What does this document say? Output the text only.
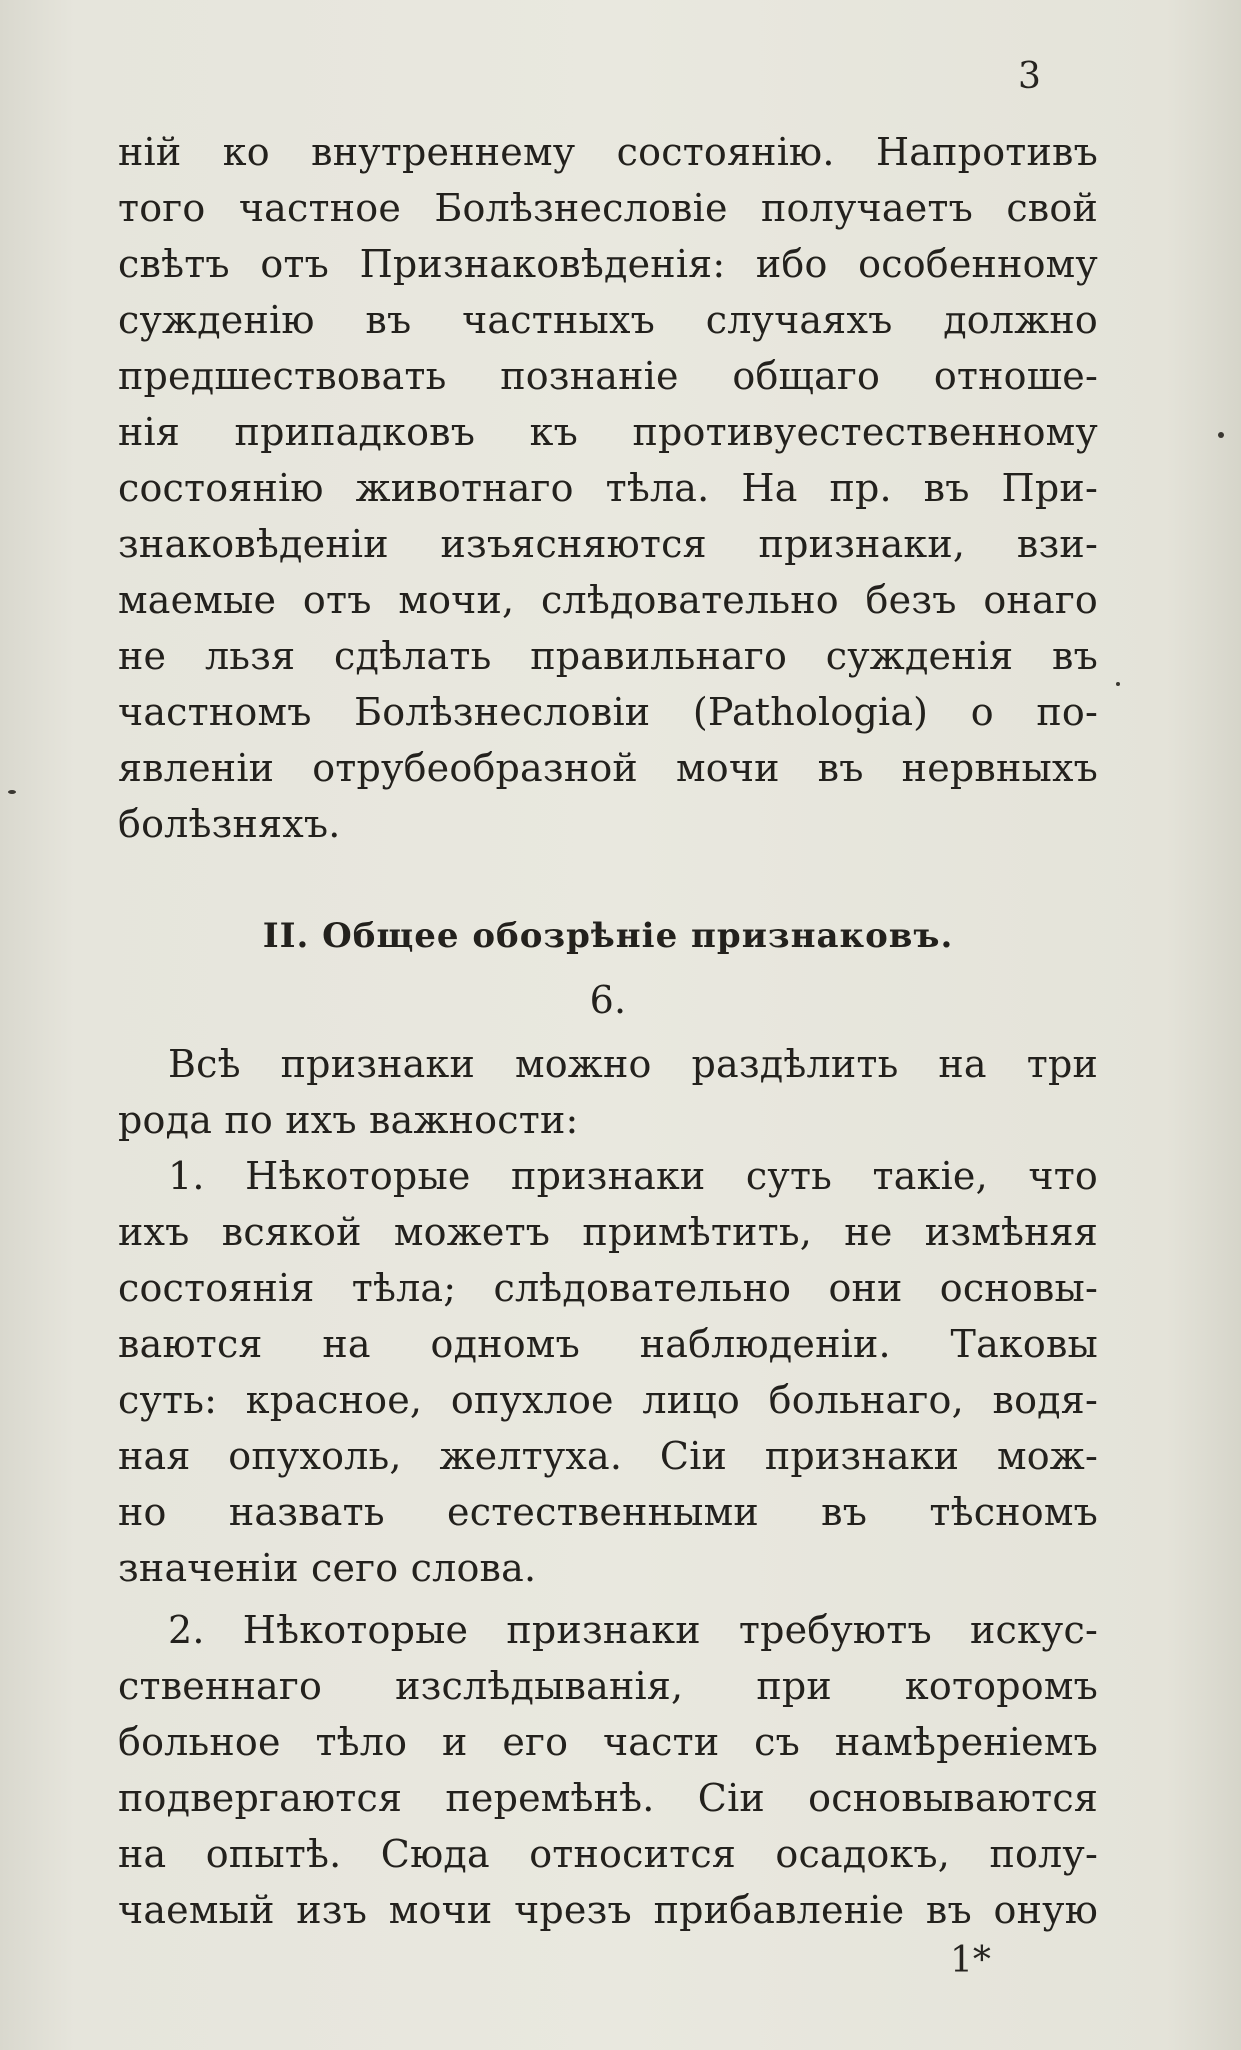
3
нiй ко внутреннему состоянiю. Напротивъ
того частное Болѣзнесловiе получаетъ свой
свѣтъ отъ Признаковѣденiя: ибо особенному
сужденiю въ частныхъ случаяхъ должно
предшествовать познанiе общаго отноше-
нiя припадковъ къ противуестественному
состоянiю животнаго тѣла. На пр. въ При-
знаковѣденiи изъясняются признаки, взи-
маемые отъ мочи, слѣдовательно безъ онаго
не льзя сдѣлать правильнаго сужденiя въ
частномъ Болѣзнесловiи (Pathologia) о по-
явленiи отрубеобразной мочи въ нервныхъ
болѣзняхъ.
II. Общее обозрѣнiе признаковъ.
6.
Всѣ признаки можно раздѣлить на три
рода по ихъ важности:
1. Нѣкоторые признаки суть такiе, что
ихъ всякой можетъ примѣтить, не измѣняя
состоянiя тѣла; слѣдовательно они основы-
ваются на одномъ наблюденiи. Таковы
суть: красное, опухлое лицо больнаго, водя-
ная опухоль, желтуха. Сiи признаки мож-
но назвать естественными въ тѣсномъ
значенiи сего слова.
2. Нѣкоторые признаки требуютъ искус-
ственнаго изслѣдыванiя, при которомъ
больное тѣло и его части съ намѣренiемъ
подвергаются перемѣнѣ. Сiи основываются
на опытѣ. Сюда относится осадокъ, полу-
чаемый изъ мочи чрезъ прибавленiе въ оную
1*
